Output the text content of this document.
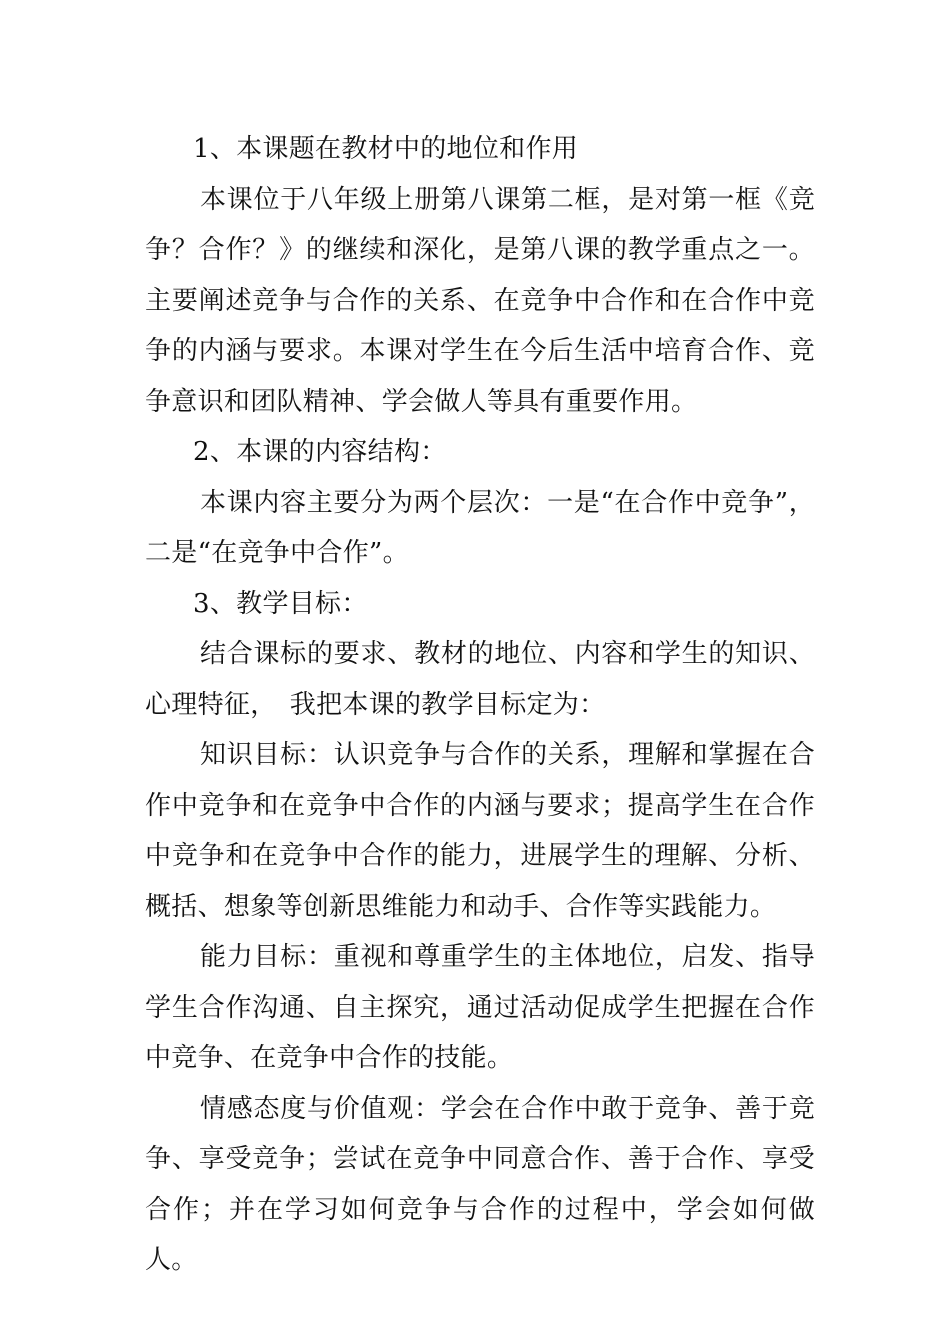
1、本课题在教材中的地位和作用

本课位于八年级上册第八课第二框，是对第一框《竞争？合作？》的继续和深化，是第八课的教学重点之一。主要阐述竞争与合作的关系、在竞争中合作和在合作中竞争的内涵与要求。本课对学生在今后生活中培育合作、竞争意识和团队精神、学会做人等具有重要作用。

2、本课的内容结构：

本课内容主要分为两个层次：一是“在合作中竞争”，二是“在竞争中合作”。

3、教学目标：

结合课标的要求、教材的地位、内容和学生的知识、心理特征，　我把本课的教学目标定为：

知识目标：认识竞争与合作的关系，理解和掌握在合作中竞争和在竞争中合作的内涵与要求；提高学生在合作中竞争和在竞争中合作的能力，进展学生的理解、分析、概括、想象等创新思维能力和动手、合作等实践能力。

能力目标：重视和尊重学生的主体地位，启发、指导学生合作沟通、自主探究，通过活动促成学生把握在合作中竞争、在竞争中合作的技能。

情感态度与价值观：学会在合作中敢于竞争、善于竞争、享受竞争；尝试在竞争中同意合作、善于合作、享受合作；并在学习如何竞争与合作的过程中，学会如何做人。
